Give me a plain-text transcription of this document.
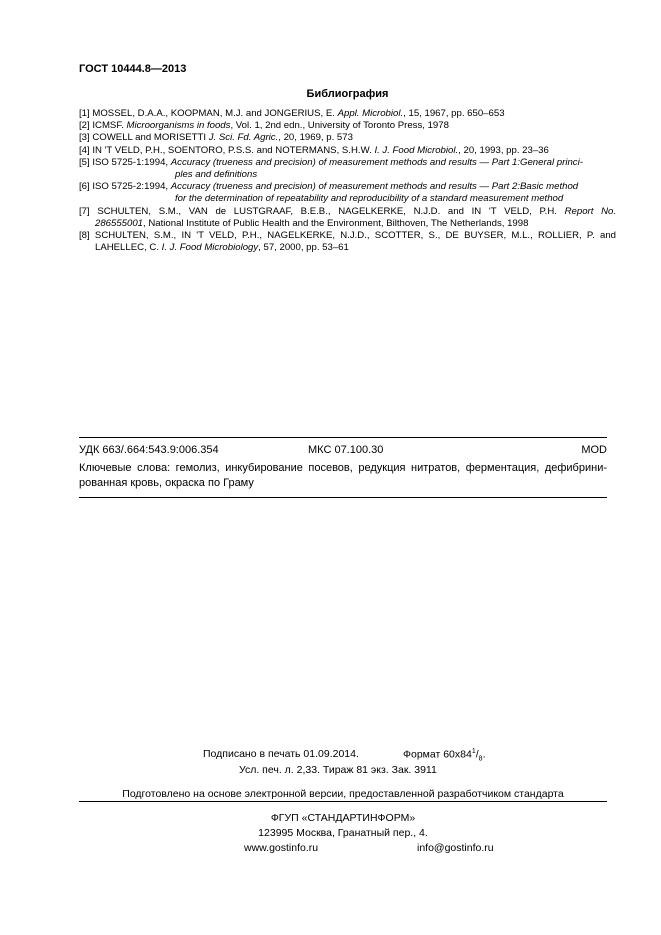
ГОСТ 10444.8—2013
Библиография
[1] MOSSEL, D.A.A., KOOPMAN, M.J. and JONGERIUS, E. Appl. Microbiol., 15, 1967, pp. 650–653
[2] ICMSF. Microorganisms in foods, Vol. 1, 2nd edn., University of Toronto Press, 1978
[3] COWELL and MORISETTI J. Sci. Fd. Agric., 20, 1969, p. 573
[4] IN 'T VELD, P.H., SOENTORO, P.S.S. and NOTERMANS, S.H.W. I. J. Food Microbiol., 20, 1993, pp. 23–36
[5] ISO 5725-1:1994, Accuracy (trueness and precision) of measurement methods and results — Part 1:General princi-
ples and definitions
[6] ISO 5725-2:1994, Accuracy (trueness and precision) of measurement methods and results — Part 2:Basic method
for the determination of repeatability and reproducibility of a standard measurement method
[7] SCHULTEN, S.M., VAN de LUSTGRAAF, B.E.B., NAGELKERKE, N.J.D. and IN 'T VELD, P.H. Report No.
286555001, National Institute of Public Health and the Environment, Bilthoven, The Netherlands, 1998
[8] SCHULTEN, S.M., IN 'T VELD, P.H., NAGELKERKE, N.J.D., SCOTTER, S., DE BUYSER, M.L., ROLLIER, P. and
LAHELLEC, C. I. J. Food Microbiology, 57, 2000, pp. 53–61
УДК 663/.664:543.9:006.354	МКС 07.100.30	MOD
Ключевые слова: гемолиз, инкубирование посевов, редукция нитратов, ферментация, дефибрини-рованная кровь, окраска по Граму
Подписано в печать 01.09.2014.	Формат $60x84^1/_8$.
Усл. печ. л. 2,33. Тираж 81 экз. Зак. 3911
Подготовлено на основе электронной версии, предоставленной разработчиком стандарта
ФГУП «СТАНДАРТИНФОРМ»
123995 Москва, Гранатный пер., 4.
www.gostinfo.ru	info@gostinfo.ru
